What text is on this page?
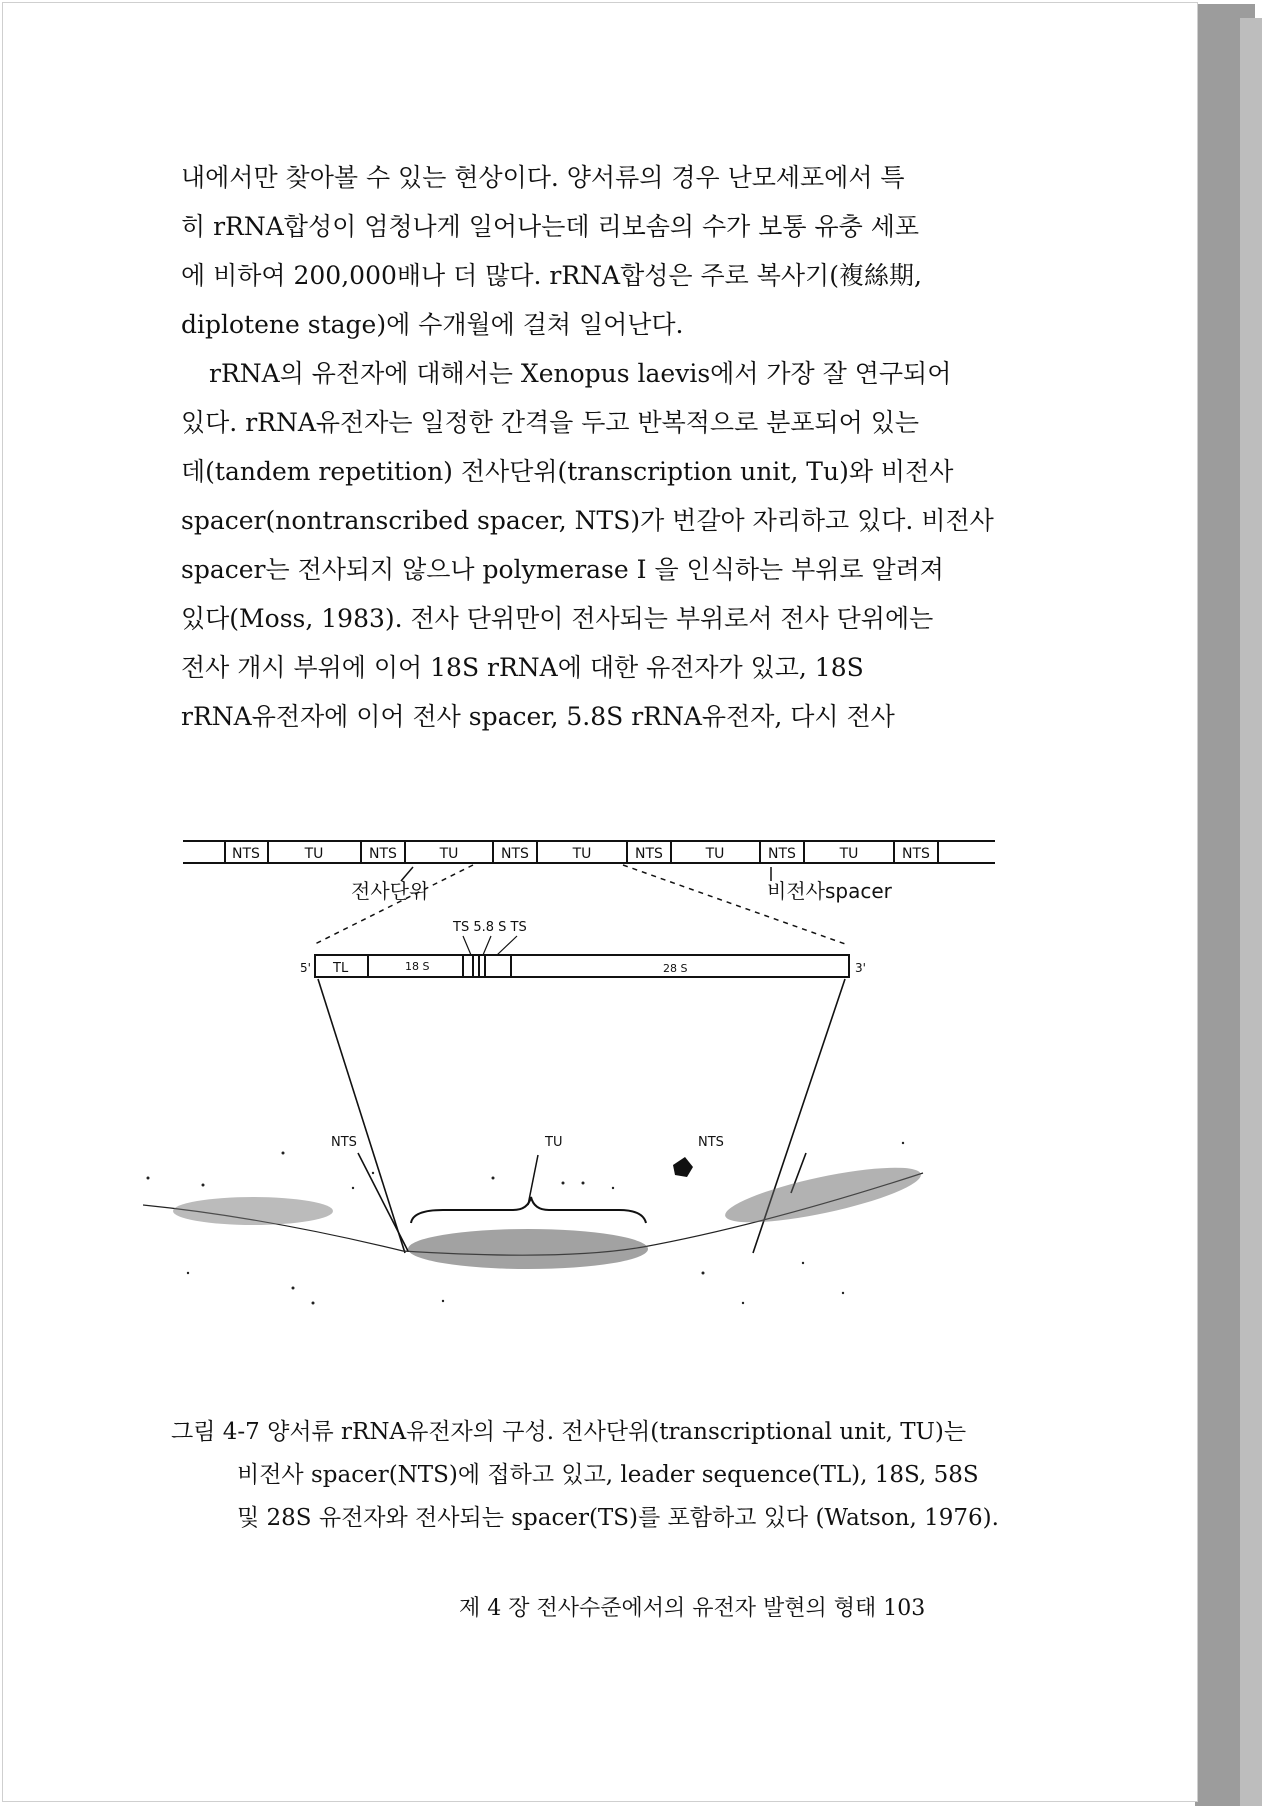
내에서만 찾아볼 수 있는 현상이다. 양서류의 경우 난모세포에서 특
히 rRNA합성이 엄청나게 일어나는데 리보솜의 수가 보통 유충 세포
에 비하여 200,000배나 더 많다. rRNA합성은 주로 복사기(複絲期,
diplotene stage)에 수개월에 걸쳐 일어난다.
rRNA의 유전자에 대해서는 Xenopus laevis에서 가장 잘 연구되어
있다. rRNA유전자는 일정한 간격을 두고 반복적으로 분포되어 있는
데(tandem repetition) 전사단위(transcription unit, Tu)와 비전사
spacer(nontranscribed spacer, NTS)가 번갈아 자리하고 있다. 비전사
spacer는 전사되지 않으나 polymerase I 을 인식하는 부위로 알려져
있다(Moss, 1983). 전사 단위만이 전사되는 부위로서 전사 단위에는
전사 개시 부위에 이어 18S rRNA에 대한 유전자가 있고, 18S
rRNA유전자에 이어 전사 spacer, 5.8S rRNA유전자, 다시 전사
NTS	TU	NTS	TU	NTS	TU	NTS	TU	NTS	TU	NTS
전사단위	비전사spacer
TS 5.8 S TS
5'	3'
TL	18 S	28 S
NTS	TU	NTS
그림 4-7 양서류 rRNA유전자의 구성. 전사단위(transcriptional unit, TU)는
비전사 spacer(NTS)에 접하고 있고, leader sequence(TL), 18S, 58S
및 28S 유전자와 전사되는 spacer(TS)를 포함하고 있다 (Watson, 1976).
제 4 장 전사수준에서의 유전자 발현의 형태 103
